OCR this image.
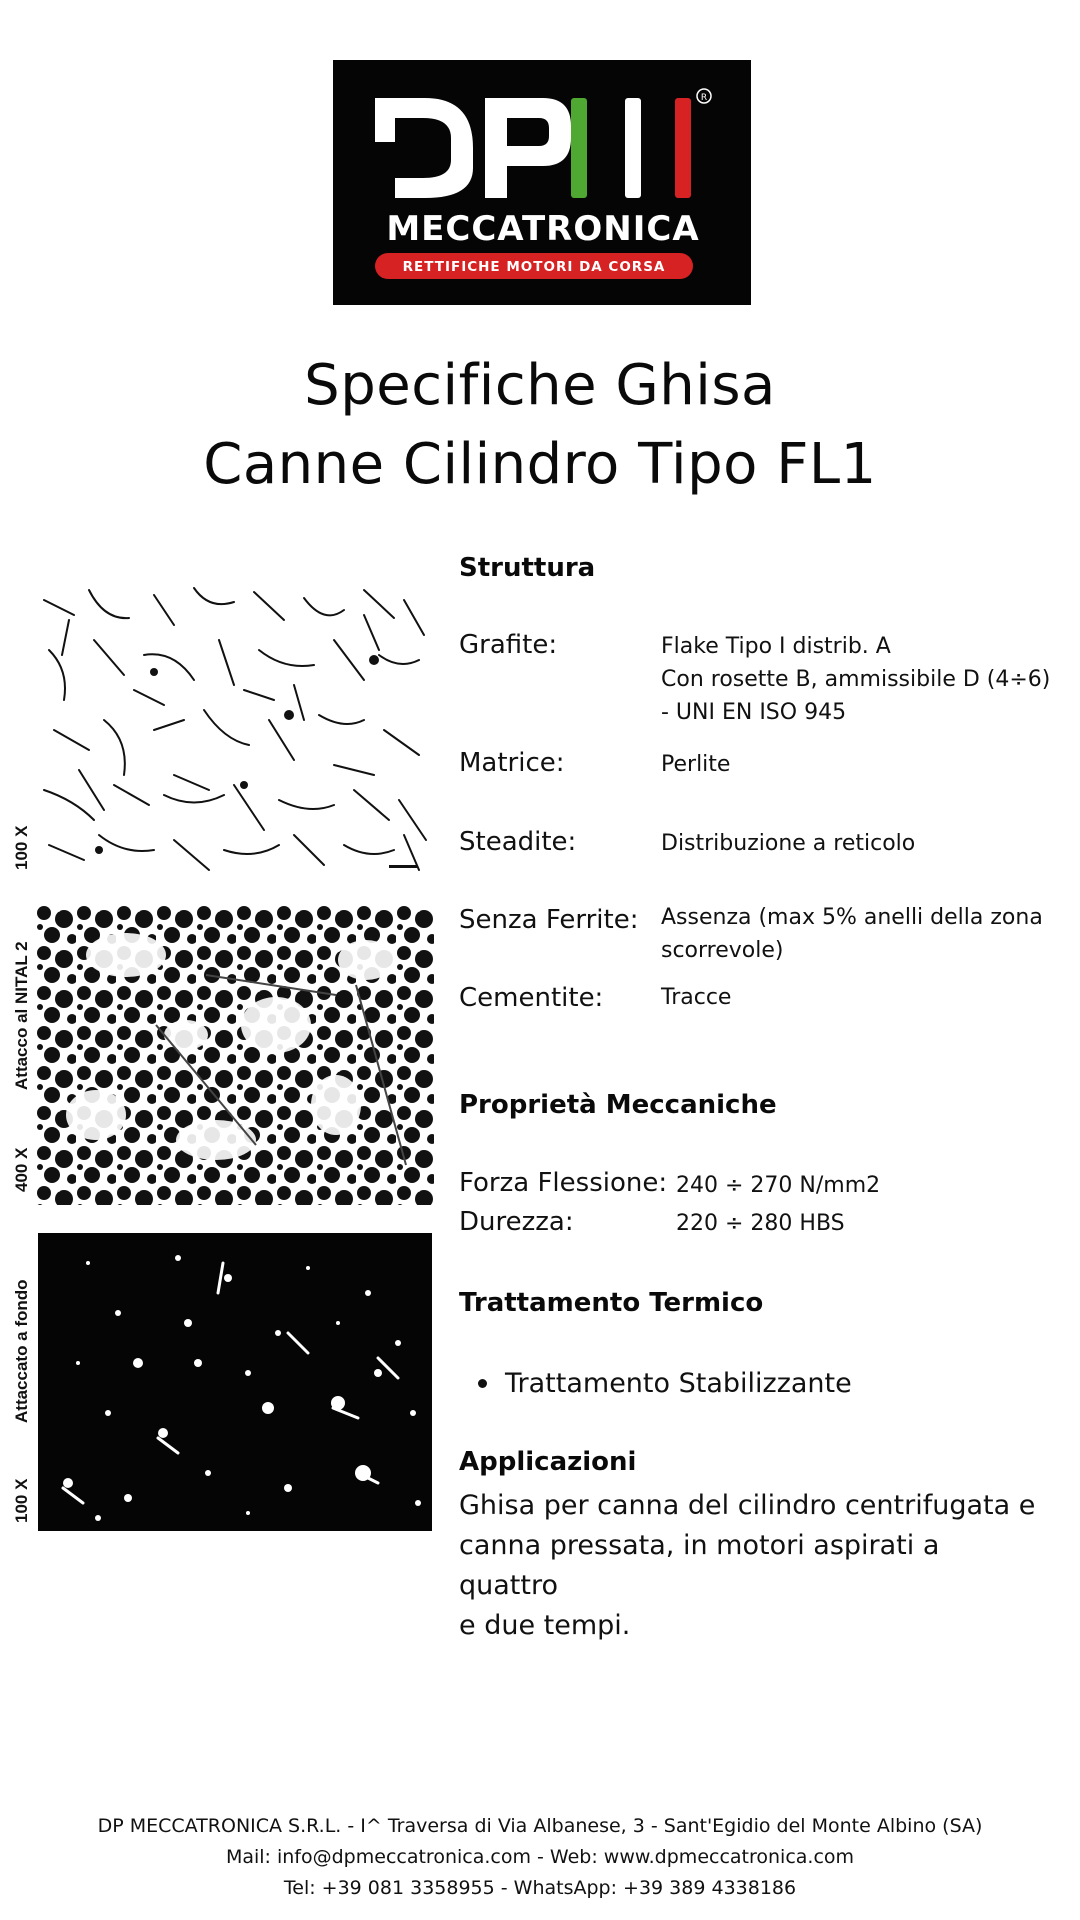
R
MECCATRONICA
RETTIFICHE MOTORI DA CORSA
Specifiche Ghisa
Canne Cilindro Tipo FL1
100 X
400 X
Attacco al NITAL 2
100 X
Attaccato a fondo
Struttura
Grafite:	Flake Tipo I distrib. A
Con rosette B, ammissibile D (4÷6)
- UNI EN ISO 945
Matrice:	Perlite
Steadite:	Distribuzione a reticolo
Senza Ferrite: Assenza (max 5% anelli della zona
scorrevole)
Cementite:	Tracce
Proprietà Meccaniche
Forza Flessione: 240 ÷ 270 N/mm2
Durezza:	220 ÷ 280 HBS
Trattamento Termico
Trattamento Stabilizzante
Applicazioni
Ghisa per canna del cilindro centrifugata e
canna pressata, in motori aspirati a quattro
e due tempi.
DP MECCATRONICA S.R.L. - I^ Traversa di Via Albanese, 3 - Sant'Egidio del Monte Albino (SA)
Mail: info@dpmeccatronica.com - Web: www.dpmeccatronica.com
Tel: +39 081 3358955 - WhatsApp: +39 389 4338186
